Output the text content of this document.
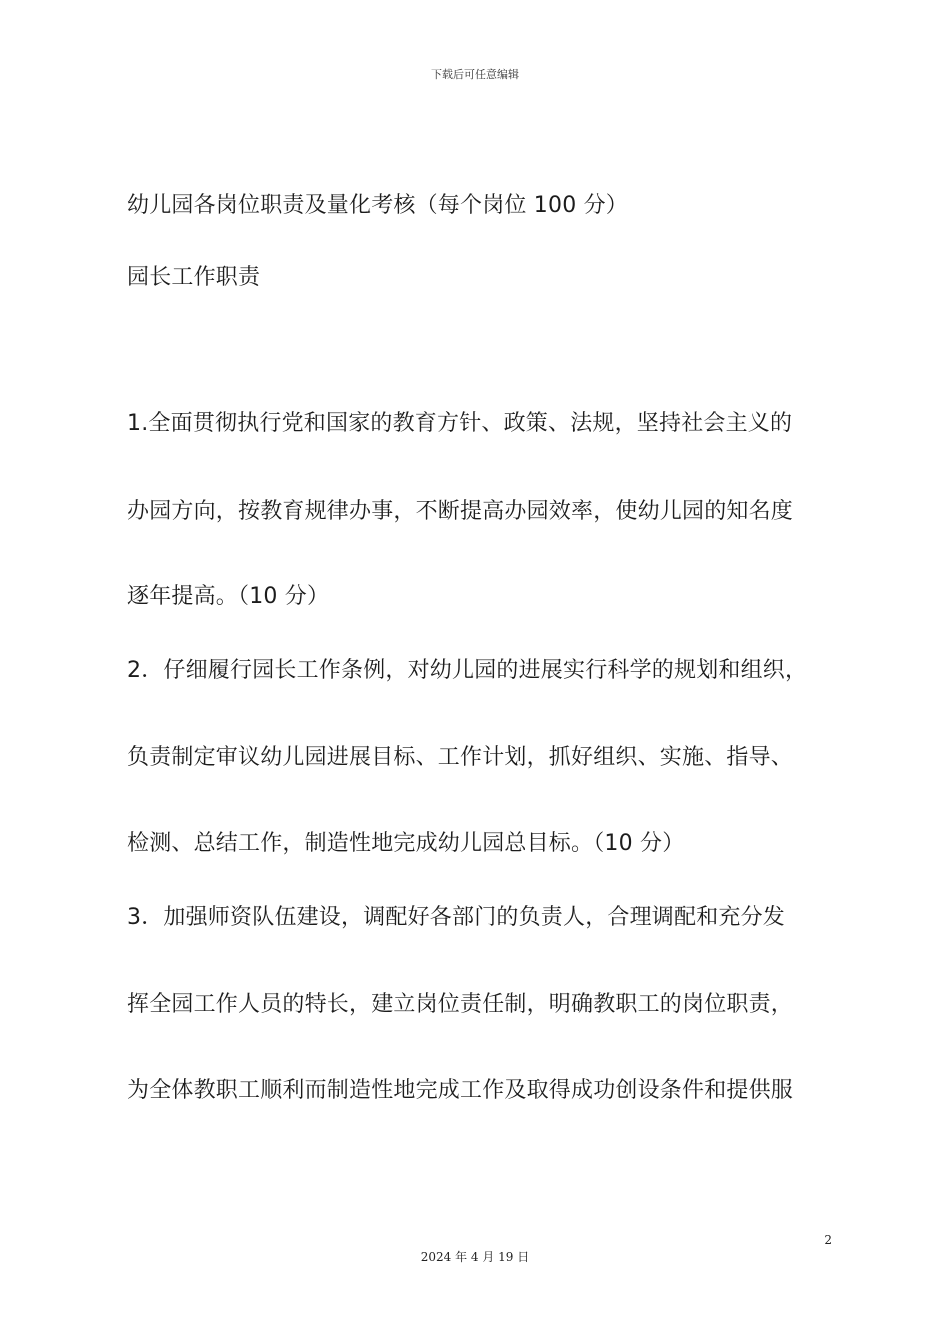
下载后可任意编辑
幼儿园各岗位职责及量化考核（每个岗位 100 分）
园长工作职责
1.全面贯彻执行党和国家的教育方针、政策、法规，坚持社会主义的
办园方向，按教育规律办事，不断提高办园效率，使幼儿园的知名度
逐年提高。（10 分）
2．仔细履行园长工作条例，对幼儿园的进展实行科学的规划和组织，
负责制定审议幼儿园进展目标、工作计划，抓好组织、实施、指导、
检测、总结工作，制造性地完成幼儿园总目标。（10 分）
3．加强师资队伍建设，调配好各部门的负责人，合理调配和充分发
挥全园工作人员的特长，建立岗位责任制，明确教职工的岗位职责，
为全体教职工顺利而制造性地完成工作及取得成功创设条件和提供服
2
2024 年 4 月 19 日
